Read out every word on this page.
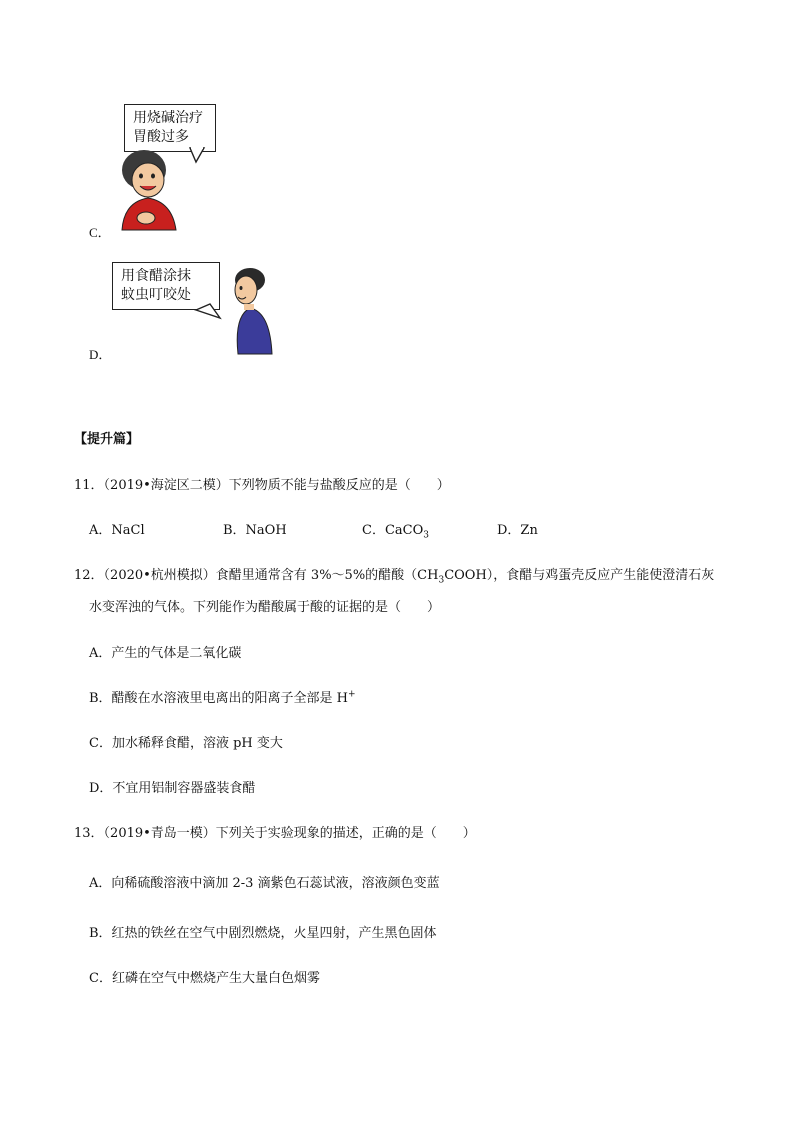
用烧碱治疗
胃酸过多
C．
用食醋涂抹
蚊虫叮咬处
D．
【提升篇】
11．（2019•海淀区二模）下列物质不能与盐酸反应的是（　　）
A．NaCl	B．NaOH	C．CaCO$_3$	D．Zn
12．（2020•杭州模拟）食醋里通常含有 3%～5%的醋酸$(CH_3COOH)$，食醋与鸡蛋壳反应产生能使澄清石灰
水变浑浊的气体。下列能作为醋酸属于酸的证据的是（　　）
A．产生的气体是二氧化碳
B．醋酸在水溶液里电离出的阳离子全部是 H+
C．加水稀释食醋，溶液 pH 变大
D．不宜用铝制容器盛装食醋
13．（2019•青岛一模）下列关于实验现象的描述，正确的是（　　）
A．向稀硫酸溶液中滴加 2-3 滴紫色石蕊试液，溶液颜色变蓝
B．红热的铁丝在空气中剧烈燃烧，火星四射，产生黑色固体
C．红磷在空气中燃烧产生大量白色烟雾
